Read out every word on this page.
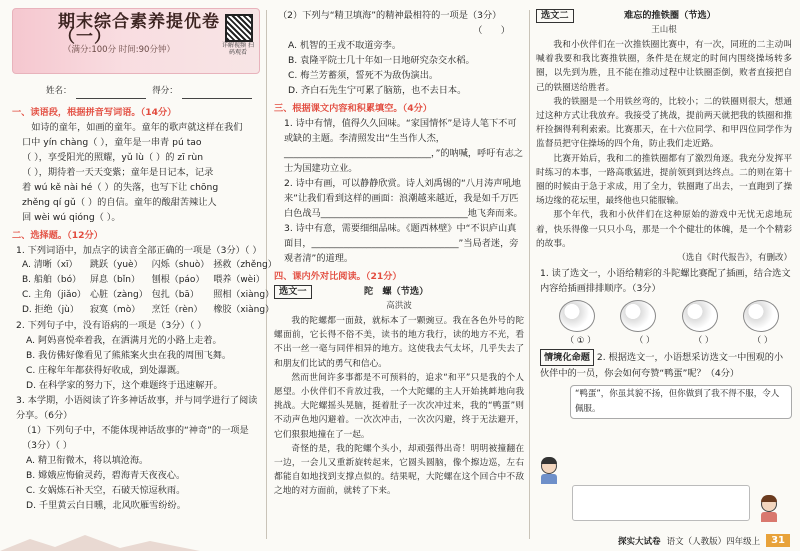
期末综合素养提优卷（一）
（满分:100分 时间:90分钟）	详解视频 扫码观看
姓名：	得分：
一、读语段，根据拼音写词语。（14分）
如诗的童年，如画的童年。童年的歌声就这样在我们
口中 yín chàng（ ），童年是一串青 pú tao
（ ），享受阳光的照耀，yǔ lù（ ）的 zī rùn
（ ），期待着一天天变紫；童年是日记本，记录
着 wú kě nài hé（ ）的失落，也写下让 chōng
zhěng qí gǔ（ ）的自信。童年的酸甜苦辣让人
回 wèi wú qióng（ ）。
二、选择题。（12分）
1. 下列词语中，加点字的读音全部正确的一项是（3分）（ ）
A. 清晰（xī）	跳跃（yuè）	闪烁（shuò）	拯救（zhěng）
B. 船舶（bó）	屏息（bǐn）	刨根（páo）	喂养（wèi）
C. 主角（jiǎo）	心脏（zàng）	包扎（bā）	照相（xiàng）
D. 拒绝（jù）	寂寞（mò）	烹饪（rèn）	橡胶（xiàng）
2. 下列句子中，没有语病的一项是（3分）（ ）
A. 阿妈喜悦牵着我，在洒满月光的小路上走着。
B. 我仿佛好像看见了熊熊案火虫在我的周围飞舞。
C. 庄稼年年都获得好收成，到处瀑溉。
D. 在科学家的努力下，这个难题终于迅速解开。
3. 本学期，小语阅读了许多神话故事，并与同学进行了阅读分享。（6分）
（1）下列句子中，不能体现神话故事的“神奇”的一项是（3分）（ ）
A. 精卫衔微木，将以填沧海。
B. 嫦娥应悔偷灵药，碧海青天夜夜心。
C. 女娲炼石补天空，石破天惊逗秋雨。
D. 千里黄云白日曛，北风吹雁雪纷纷。
（2）下列与“精卫填海”的精神最相符的一项是（3分）
（　　）
A. 机智的王戎不取道旁李。
B. 袁隆平院士几十年如一日地研究杂交水稻。
C. 梅兰芳蓄须，誓死不为敌伪演出。
D. 齐白石先生宁可累了脑筋，也不去日本。
三、根据课文内容和积累填空。（4分）
1. 诗中有情，值得久久回味。“家国情怀”是诗人笔下不可或缺的主题。李清照发出“生当作人杰，________________________________，”的呐喊，呼吁有志之士为国建功立业。
2. 诗中有画，可以静静欣赏。诗人刘禹锡的“八月涛声吼地来”让我们看到这样的画面：浪潮越来越近，我是如千万匹白色战马________________________________地飞奔而来。
3. 诗中有意，需要细细品味。《题西林壁》中“不识庐山真面目，________________________________”当局者迷，旁观者清”的道理。
四、课内外对比阅读。（21分）
选文一	陀　螺（节选）
高洪波
我的陀螺都一面鼓，就标本了一颗豌豆。我在各色外号的陀螺面前，它长得不俗不美，读书的地方我行，读的地方不光，看不出一丝一毫与同伴相异的地方。这使我去气太坏，几乎失去了和朋友们比试的勇气和信心。
然而世间许多事都是不可预料的，追求“和平”只是我的个人愿望。小伙伴们不肯放过我，一个大陀螺的主人开始挑衅地向我挑战。大陀螺摇头晃脑，挺着肚子一次次冲过来，我的“鸭蛋”则不动声色地闪避着。一次次冲击，一次次闪避，终于无法避开，它们狠狠地撞在了一起。
奇怪的是，我的陀螺个头小，却顽强得出奇！明明被撞翻在一边，一会儿又重新旋转起来，它圆头圆脑，像个擦边巡，左右都能自如地找到支撑点似的。结果呢，大陀螺在这个回合中不敌之地的对方面前，就转了下来。
选文二	难忘的推铁圈（节选）
王山根
我和小伙伴们在一次推铁圈比赛中，有一次，同班的二主动叫喊着我要和我比赛推铁圈，条件是在规定的时间内围绕操场转多圈，以先到为胜，且不能在推动过程中让铁圈歪倒，败者直接把自己的铁圈送给胜者。
我的铁圈是一个用铁丝弯的，比较小；二的铁圈则很大，想通过这种方式让我放弃。我接受了挑战，提前两天就把我的铁圈和推杆捡捆得利利索索。比赛那天，在十六位同学、和甲四位同学作为监督员把守住操场的四个角，防止我们走近路。
比赛开始后，我和二的推铁圈都有了激烈角逐。我充分发挥平时练习的本事，一路高歌猛进，提前领到到达终点。二的则在第十圈的时候由于急于求成，用了全力，铁圈跑了出去，一直跑到了操场边缘的花坛里，最终他也只能服输。
那个年代，我和小伙伴们在这种原始的游戏中无忧无虑地玩着，快乐得像一只只小鸟，那是一个个健壮的体魄，是一个个精彩的故事。
（选自《时代报告》，有删改）
1. 读了选文一，小语给精彩的斗陀螺比赛配了插画，结合选文内容给插画排排顺序。（3分）
（ ① ）	（ ）	（ ）	（ ）
情境化命题 2. 根据选文一，小语想采访选文一中围观的小伙伴中的一员，你会如何夸赞“鸭蛋”呢？（4分）
“鸭蛋”，你虽其貌不扬，但你做到了我不得不服，令人佩服。
探实大试卷 语文（人教版）四年级上	31
